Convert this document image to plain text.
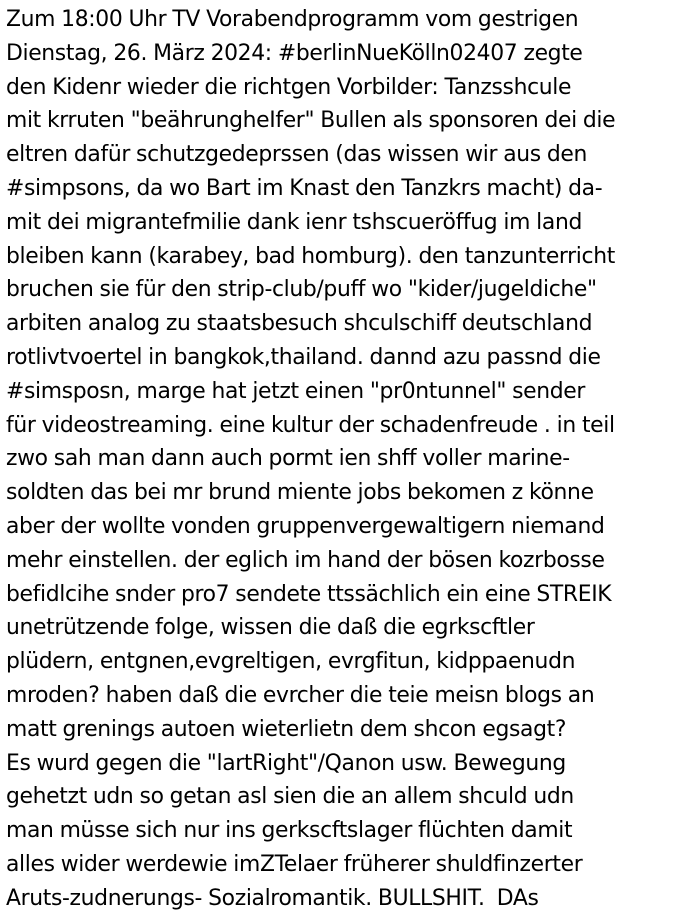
Zum 18:00 Uhr TV Vorabendprogramm vom gestrigen
Dienstag, 26. März 2024: #berlinNueKölln02407 zegte
den Kidenr wieder die richtgen Vorbilder: Tanzsshcule
mit krruten "beährungheIfer" Bullen als sponsoren dei die
eltren dafür schutzgedeprssen (das wissen wir aus den
#simpsons, da wo Bart im Knast den Tanzkrs macht) da-
mit dei migrantefmilie dank ienr tshscueröffug im land
bleiben kann (karabey, bad homburg). den tanzunterricht
bruchen sie für den strip-club/puff wo "kider/jugeldiche"
arbiten analog zu staatsbesuch shculschiff deutschland
rotlivtvoertel in bangkok,thailand. dannd azu passnd die
#simsposn, marge hat jetzt einen "pr0ntunnel" sender
für videostreaming. eine kultur der schadenfreude . in teil
zwo sah man dann auch pormt ien shff voller marine-
soldten das bei mr brund miente jobs bekomen z könne
aber der wollte vonden gruppenvergewaltigern niemand
mehr einstellen. der eglich im hand der bösen kozrbosse
befidlcihe snder pro7 sendete ttssächlich ein eine STREIK
unetrützende folge, wissen die daß die egrkscftler
plüdern, entgnen,evgreltigen, evrgfitun, kidppaenudn
mroden? haben daß die evrcher die teie meisn blogs an
matt grenings autoen wieterlietn dem shcon egsagt?
Es wurd gegen die "lartRight"/Qanon usw. Bewegung
gehetzt udn so getan asl sien die an allem shculd udn
man müsse sich nur ins gerkscftslager flüchten damit
alles wider werdewie imZTelaer früherer shuldfinzerter
Aruts-zudnerungs- Sozialromantik. BULLSHIT.  DAs
